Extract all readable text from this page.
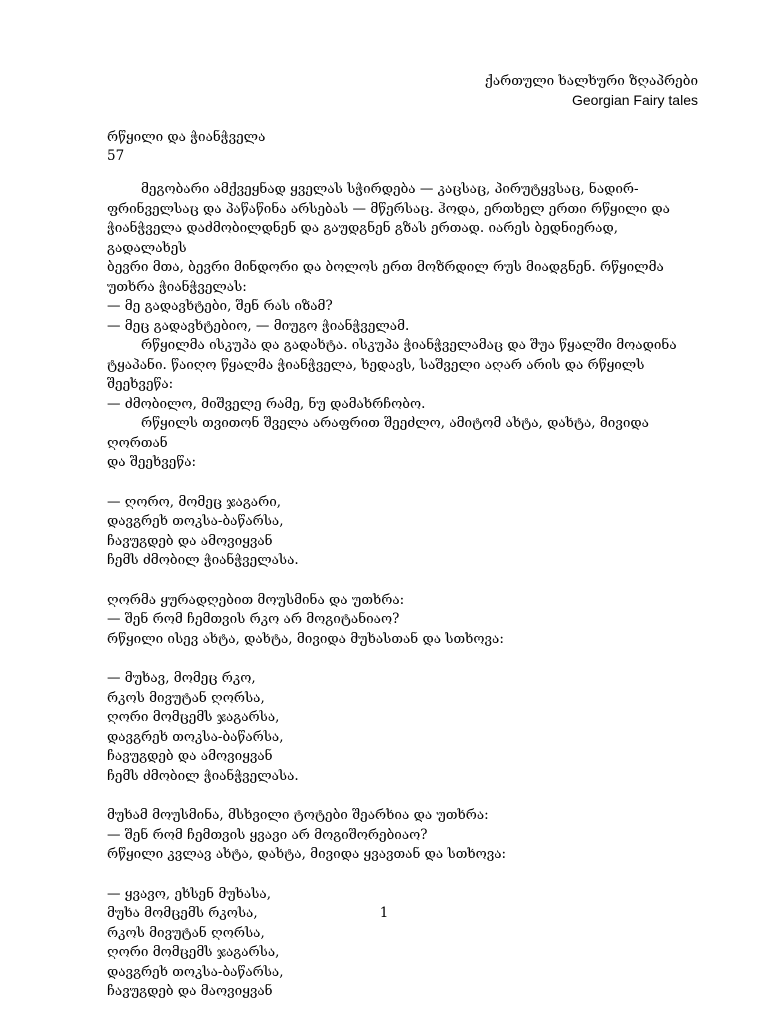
ქართული ხალხური ზღაპრები
Georgian Fairy tales
რწყილი და ჭიანჭველა
57
მეგობარი ამქვეყნად ყველას სჭირდება — კაცსაც, პირუტყვსაც, ნადირ-
ფრინველსაც და პაწაწინა არსებას — მწერსაც. ჰოდა, ერთხელ ერთი რწყილი და
ჭიანჭველა დაძმობილდნენ და გაუდგნენ გზას ერთად. იარეს ბედნიერად, გადალახეს
ბევრი მთა, ბევრი მინდორი და ბოლოს ერთ მოზრდილ რუს მიადგნენ. რწყილმა
უთხრა ჭიანჭველას:
— მე გადავხტები, შენ რას იზამ?
— მეც გადავხტებიო, — მიუგო ჭიანჭველამ.
რწყილმა ისკუპა და გადახტა. ისკუპა ჭიანჭველამაც და შუა წყალში მოადინა
ტყაპანი. წაიღო წყალმა ჭიანჭველა, ხედავს, საშველი აღარ არის და რწყილს
შეეხვეწა:
— ძმობილო, მიშველე რამე, ნუ დამახრჩობო.
რწყილს თვითონ შველა არაფრით შეეძლო, ამიტომ ახტა, დახტა, მივიდა ღორთან
და შეეხვეწა:
— ღორო, მომეც ჯაგარი,
დავგრეხ თოკსა-ბაწარსა,
ჩავუგდებ და ამოვიყვან
ჩემს ძმობილ ჭიანჭველასა.
ღორმა ყურადღებით მოუსმინა და უთხრა:
— შენ რომ ჩემთვის რკო არ მოგიტანიაო?
რწყილი ისევ ახტა, დახტა, მივიდა მუხასთან და სთხოვა:
— მუხავ, მომეც რკო,
რკოს მივუტან ღორსა,
ღორი მომცემს ჯაგარსა,
დავგრეხ თოკსა-ბაწარსა,
ჩავუგდებ და ამოვიყვან
ჩემს ძმობილ ჭიანჭველასა.
მუხამ მოუსმინა, მსხვილი ტოტები შეარხია და უთხრა:
— შენ რომ ჩემთვის ყვავი არ მოგიშორებიაო?
რწყილი კვლავ ახტა, დახტა, მივიდა ყვავთან და სთხოვა:
— ყვავო, ეხსენ მუხასა,
მუხა მომცემს რკოსა,
რკოს მივუტან ღორსა,
ღორი მომცემს ჯაგარსა,
დავგრეხ თოკსა-ბაწარსა,
ჩავუგდებ და მაოვიყვან
1
